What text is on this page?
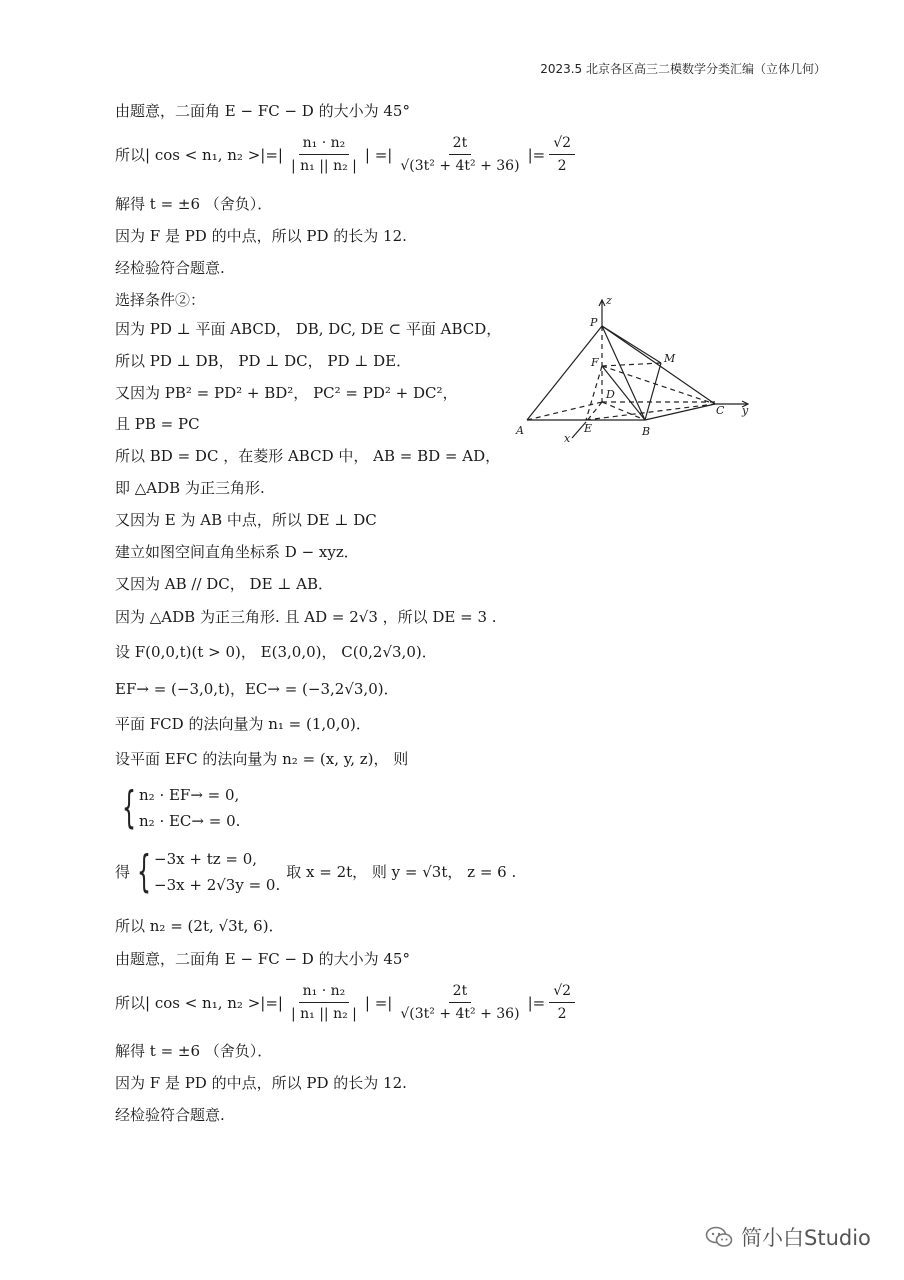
2023.5 北京各区高三二模数学分类汇编（立体几何）
由题意，二面角 E − FC − D 的大小为 45°
所以| cos < n₁, n₂ >|=| $\frac{\text{n₁ · n₂}}{\text{| n₁ || n₂ |}}$ | =| $\frac{2t}{\text{√(3t² + 4t² + 36)}}$ |= $\frac{√2}{2}$
解得 t = ±6 （舍负）．
因为 F 是 PD 的中点，所以 PD 的长为 12.
经检验符合题意.
选择条件②：
因为 PD ⊥ 平面 ABCD， DB, DC, DE ⊂ 平面 ABCD，
所以 PD ⊥ DB， PD ⊥ DC， PD ⊥ DE．
又因为 PB² = PD² + BD²， PC² = PD² + DC²，
且 PB = PC
所以 BD = DC ，在菱形 ABCD 中， AB = BD = AD，
即 △ADB 为正三角形.
又因为 E 为 AB 中点，所以 DE ⊥ DC
建立如图空间直角坐标系 D − xyz．
又因为 AB // DC， DE ⊥ AB．
因为 △ADB 为正三角形. 且 AD = 2√3 ，所以 DE = 3 .
设 F(0,0,t)(t > 0)， E(3,0,0)， C(0,2√3,0)．
EF→ = (−3,0,t)，EC→ = (−3,2√3,0)．
平面 FCD 的法向量为 n₁ = (1,0,0)．
设平面 EFC 的法向量为 n₂ = (x, y, z)， 则
{ n₂ · EF→ = 0,
n₂ · EC→ = 0.
得 { −3x + tz = 0,
−3x + 2√3y = 0.
取 x = 2t， 则 y = √3t， z = 6 .
所以 n₂ = (2t, √3t, 6)．
由题意，二面角 E − FC − D 的大小为 45°
所以| cos < n₁, n₂ >|=| $\frac{\text{n₁ · n₂}}{\text{| n₁ || n₂ |}}$ | =| $\frac{2t}{\text{√(3t² + 4t² + 36)}}$ |= $\frac{√2}{2}$
解得 t = ±6 （舍负）．
因为 F 是 PD 的中点，所以 PD 的长为 12.
经检验符合题意.
P
z
F	M
D
C y
A	E	B
x
简小白Studio
